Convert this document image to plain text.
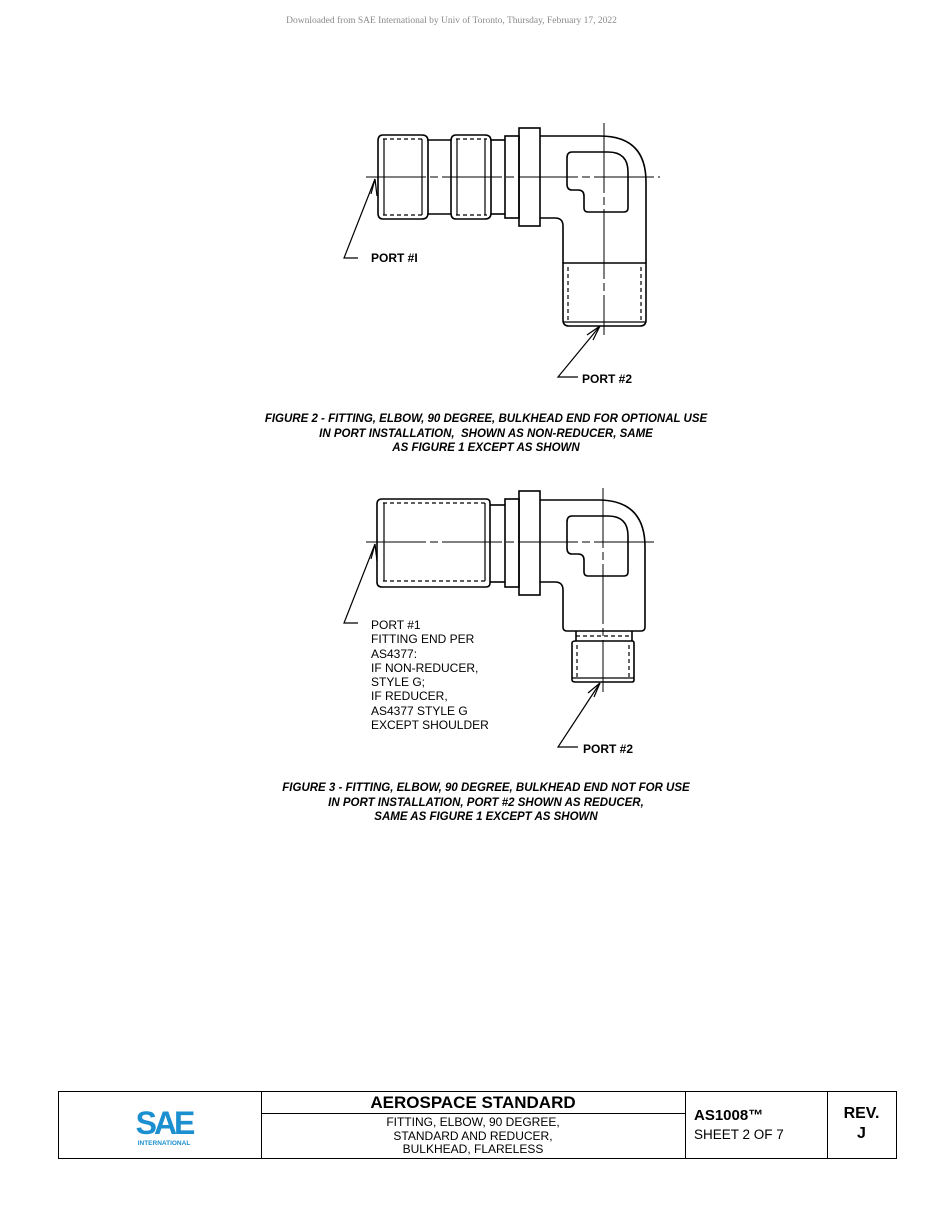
Downloaded from SAE International by Univ of Toronto, Thursday, February 17, 2022
PORT #I
PORT #2
FIGURE 2 - FITTING, ELBOW, 90 DEGREE, BULKHEAD END FOR OPTIONAL USE
IN PORT INSTALLATION,  SHOWN AS NON-REDUCER, SAME
AS FIGURE 1 EXCEPT AS SHOWN
PORT #2
PORT #1
FITTING END PER
AS4377:
IF NON-REDUCER,
STYLE G;
IF REDUCER,
AS4377 STYLE G
EXCEPT SHOULDER
FIGURE 3 - FITTING, ELBOW, 90 DEGREE, BULKHEAD END NOT FOR USE
IN PORT INSTALLATION, PORT #2 SHOWN AS REDUCER,
SAME AS FIGURE 1 EXCEPT AS SHOWN
SAE
INTERNATIONAL
AEROSPACE STANDARD
FITTING, ELBOW, 90 DEGREE,
STANDARD AND REDUCER,
BULKHEAD, FLARELESS
AS1008™
SHEET 2 OF 7
REV.
J
